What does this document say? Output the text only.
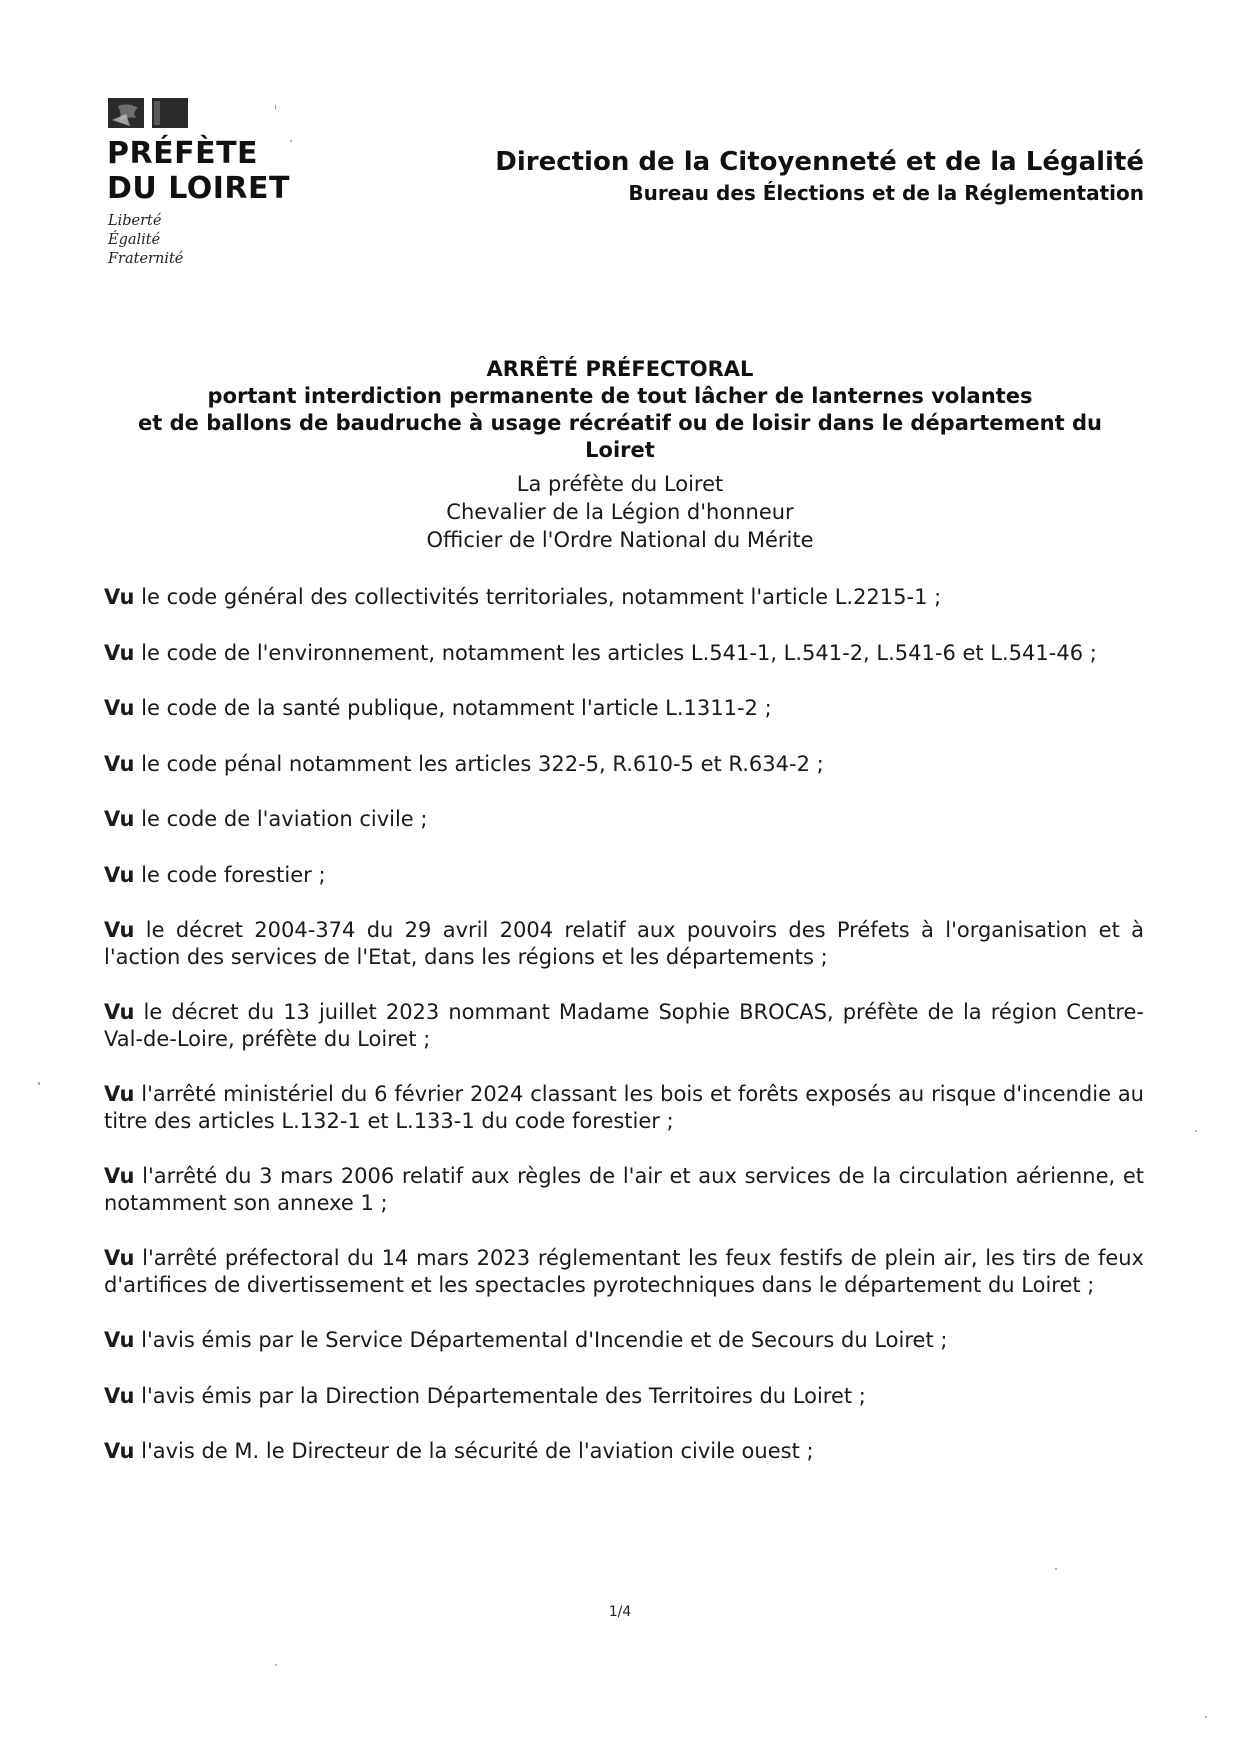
PRÉFÈTE
DU LOIRET
Liberté
Égalité
Fraternité
Direction de la Citoyenneté et de la Légalité
Bureau des Élections et de la Réglementation
ARRÊTÉ PRÉFECTORAL
portant interdiction permanente de tout lâcher de lanternes volantes
et de ballons de baudruche à usage récréatif ou de loisir dans le département du Loiret
La préfète du Loiret
Chevalier de la Légion d'honneur
Officier de l'Ordre National du Mérite

Vu le code général des collectivités territoriales, notamment l'article L.2215-1 ;

Vu le code de l'environnement, notamment les articles L.541-1, L.541-2, L.541-6 et L.541-46 ;

Vu le code de la santé publique, notamment l'article L.1311-2 ;

Vu le code pénal notamment les articles 322-5, R.610-5 et R.634-2 ;

Vu le code de l'aviation civile ;

Vu le code forestier ;

Vu le décret 2004-374 du 29 avril 2004 relatif aux pouvoirs des Préfets à l'organisation et à l'action des services de l'Etat, dans les régions et les départements ;

Vu le décret du 13 juillet 2023 nommant Madame Sophie BROCAS, préfète de la région Centre-Val-de-Loire, préfète du Loiret ;

Vu l'arrêté ministériel du 6 février 2024 classant les bois et forêts exposés au risque d'incendie au titre des articles L.132-1 et L.133-1 du code forestier ;

Vu l'arrêté du 3 mars 2006 relatif aux règles de l'air et aux services de la circulation aérienne, et notamment son annexe 1 ;

Vu l'arrêté préfectoral du 14 mars 2023 réglementant les feux festifs de plein air, les tirs de feux d'artifices de divertissement et les spectacles pyrotechniques dans le département du Loiret ;

Vu l'avis émis par le Service Départemental d'Incendie et de Secours du Loiret ;

Vu l'avis émis par la Direction Départementale des Territoires du Loiret ;

Vu l'avis de M. le Directeur de la sécurité de l'aviation civile ouest ;

1/4
